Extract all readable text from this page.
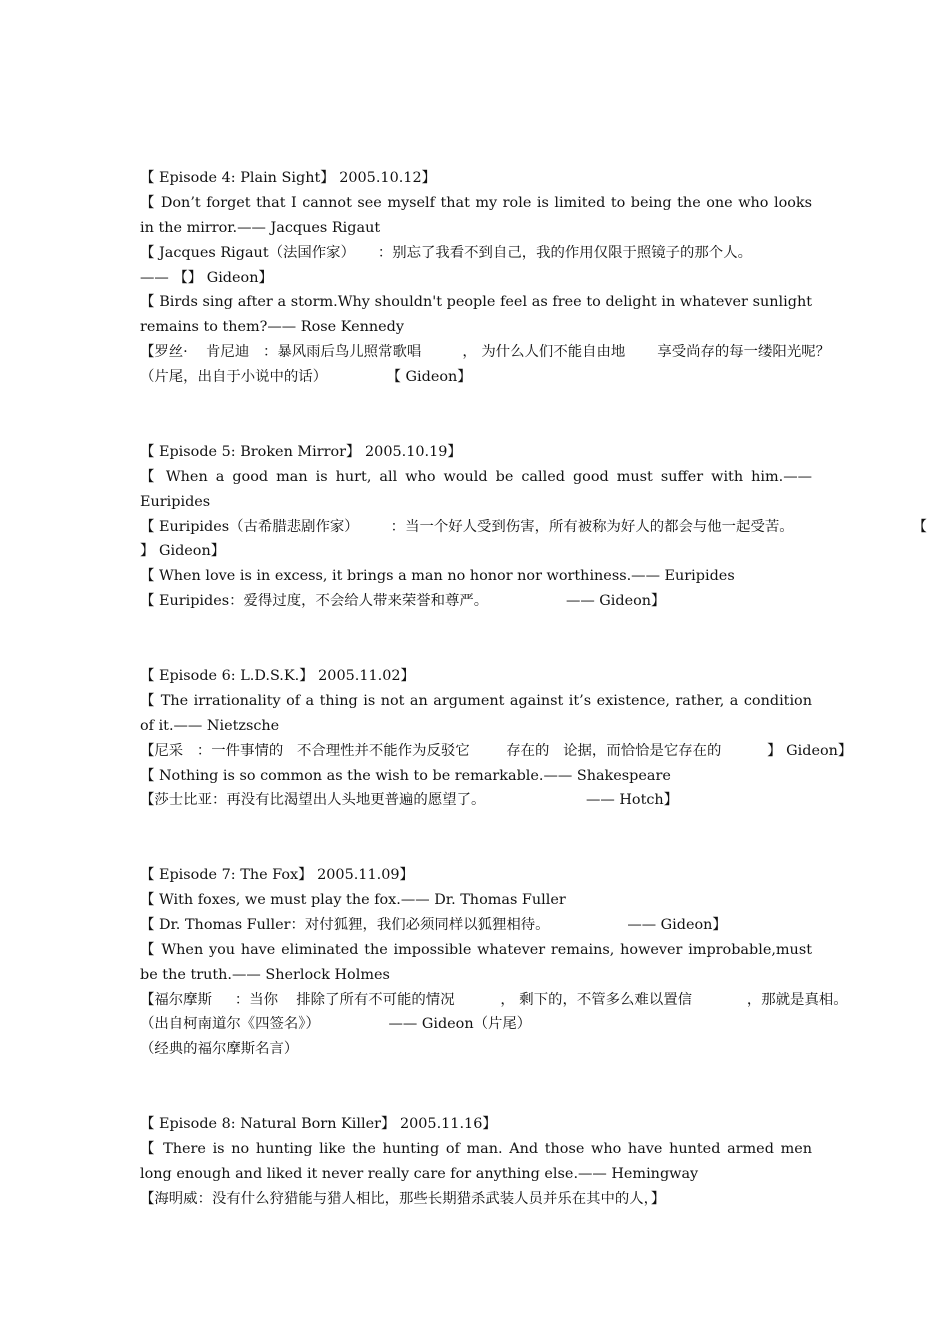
【 Episode 4: Plain Sight】 2005.10.12】
【 Don’t forget that I cannot see myself that my role is limited to being the one who looks in the mirror.—— Jacques Rigaut
【 Jacques Rigaut（法国作家）     ：别忘了我看不到自己，我的作用仅限于照镜子的那个人。
—— 【】 Gideon】
【 Birds sing after a storm.Why shouldn't people feel as free to delight in whatever sunlight remains to them?—— Rose Kennedy
【罗丝·    肯尼迪   ：暴风雨后鸟儿照常歌唱         ， 为什么人们不能自由地       享受尚存的每一缕阳光呢？
（片尾，出自于小说中的话）             【 Gideon】
【 Episode 5: Broken Mirror】 2005.10.19】
【 When a good man is hurt, all who would be called good must suffer with him.—— Euripides
【 Euripides（古希腊悲剧作家）       ：当一个好人受到伤害，所有被称为好人的都会与他一起受苦。                          【
】 Gideon】
【 When love is in excess, it brings a man no honor nor worthiness.—— Euripides
【 Euripides：爱得过度，不会给人带来荣誉和尊严。                 —— Gideon】
【 Episode 6: L.D.S.K.】 2005.11.02】
【 The irrationality of a thing is not an argument against it’s existence, rather, a condition of it.—— Nietzsche
【尼采   ：一件事情的   不合理性并不能作为反驳它        存在的   论据，而恰恰是它存在的          】 Gideon】
【 Nothing is so common as the wish to be remarkable.—— Shakespeare
【莎士比亚：再没有比渴望出人头地更普遍的愿望了。                      —— Hotch】
【 Episode 7: The Fox】 2005.11.09】
【 With foxes, we must play the fox.—— Dr. Thomas Fuller
【 Dr. Thomas Fuller：对付狐狸，我们必须同样以狐狸相待。                 —— Gideon】
【 When you have eliminated the impossible whatever remains, however improbable,must be the truth.—— Sherlock Holmes
【福尔摩斯     ：当你    排除了所有不可能的情况          ， 剩下的，不管多么难以置信            ，那就是真相。
（出自柯南道尔《四签名》）               —— Gideon（片尾）
（经典的福尔摩斯名言）
【 Episode 8: Natural Born Killer】 2005.11.16】
【 There is no hunting like the hunting of man. And those who have hunted armed men long enough and liked it never really care for anything else.—— Hemingway
【海明威：没有什么狩猎能与猎人相比，那些长期猎杀武装人员并乐在其中的人，】
